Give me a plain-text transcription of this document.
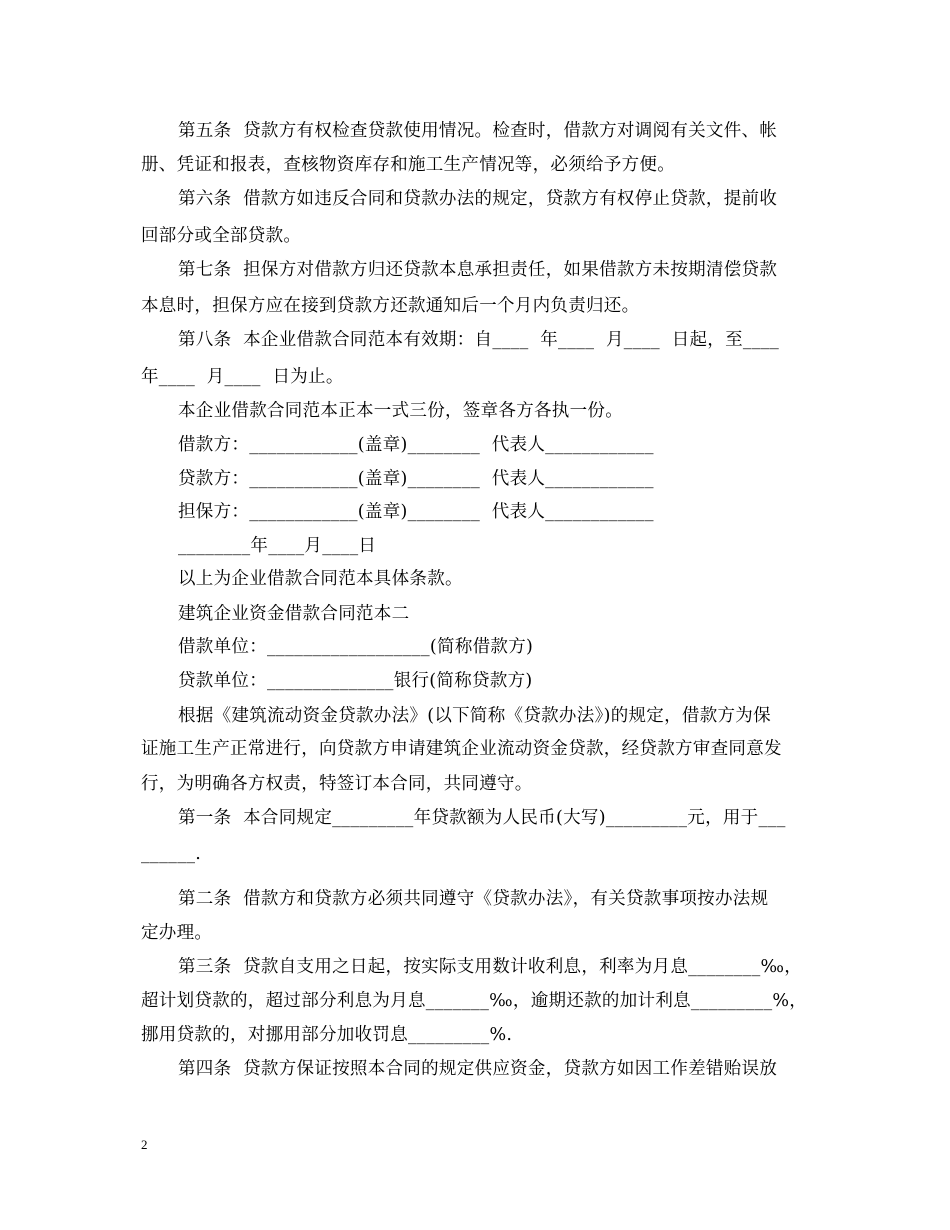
第五条  贷款方有权检查贷款使用情况。检查时，借款方对调阅有关文件、帐
册、凭证和报表，查核物资库存和施工生产情况等，必须给予方便。
第六条  借款方如违反合同和贷款办法的规定，贷款方有权停止贷款，提前收
回部分或全部贷款。
第七条  担保方对借款方归还贷款本息承担责任，如果借款方未按期清偿贷款
本息时，担保方应在接到贷款方还款通知后一个月内负责归还。
第八条  本企业借款合同范本有效期：自____  年____  月____  日起，至____
年____  月____  日为止。
本企业借款合同范本正本一式三份，签章各方各执一份。
借款方：____________(盖章)________  代表人____________
贷款方：____________(盖章)________  代表人____________
担保方：____________(盖章)________  代表人____________
________年____月____日
以上为企业借款合同范本具体条款。
建筑企业资金借款合同范本二
借款单位：__________________(简称借款方)
贷款单位：______________银行(简称贷款方)
根据《建筑流动资金贷款办法》(以下简称《贷款办法》)的规定，借款方为保
证施工生产正常进行，向贷款方申请建筑企业流动资金贷款，经贷款方审查同意发
行，为明确各方权责，特签订本合同，共同遵守。
第一条  本合同规定_________年贷款额为人民币(大写)_________元，用于___
______.
第二条  借款方和贷款方必须共同遵守《贷款办法》，有关贷款事项按办法规
定办理。
第三条  贷款自支用之日起，按实际支用数计收利息，利率为月息________‰，
超计划贷款的，超过部分利息为月息_______‰，逾期还款的加计利息_________%，
挪用贷款的，对挪用部分加收罚息_________%.
第四条  贷款方保证按照本合同的规定供应资金，贷款方如因工作差错贻误放
2
